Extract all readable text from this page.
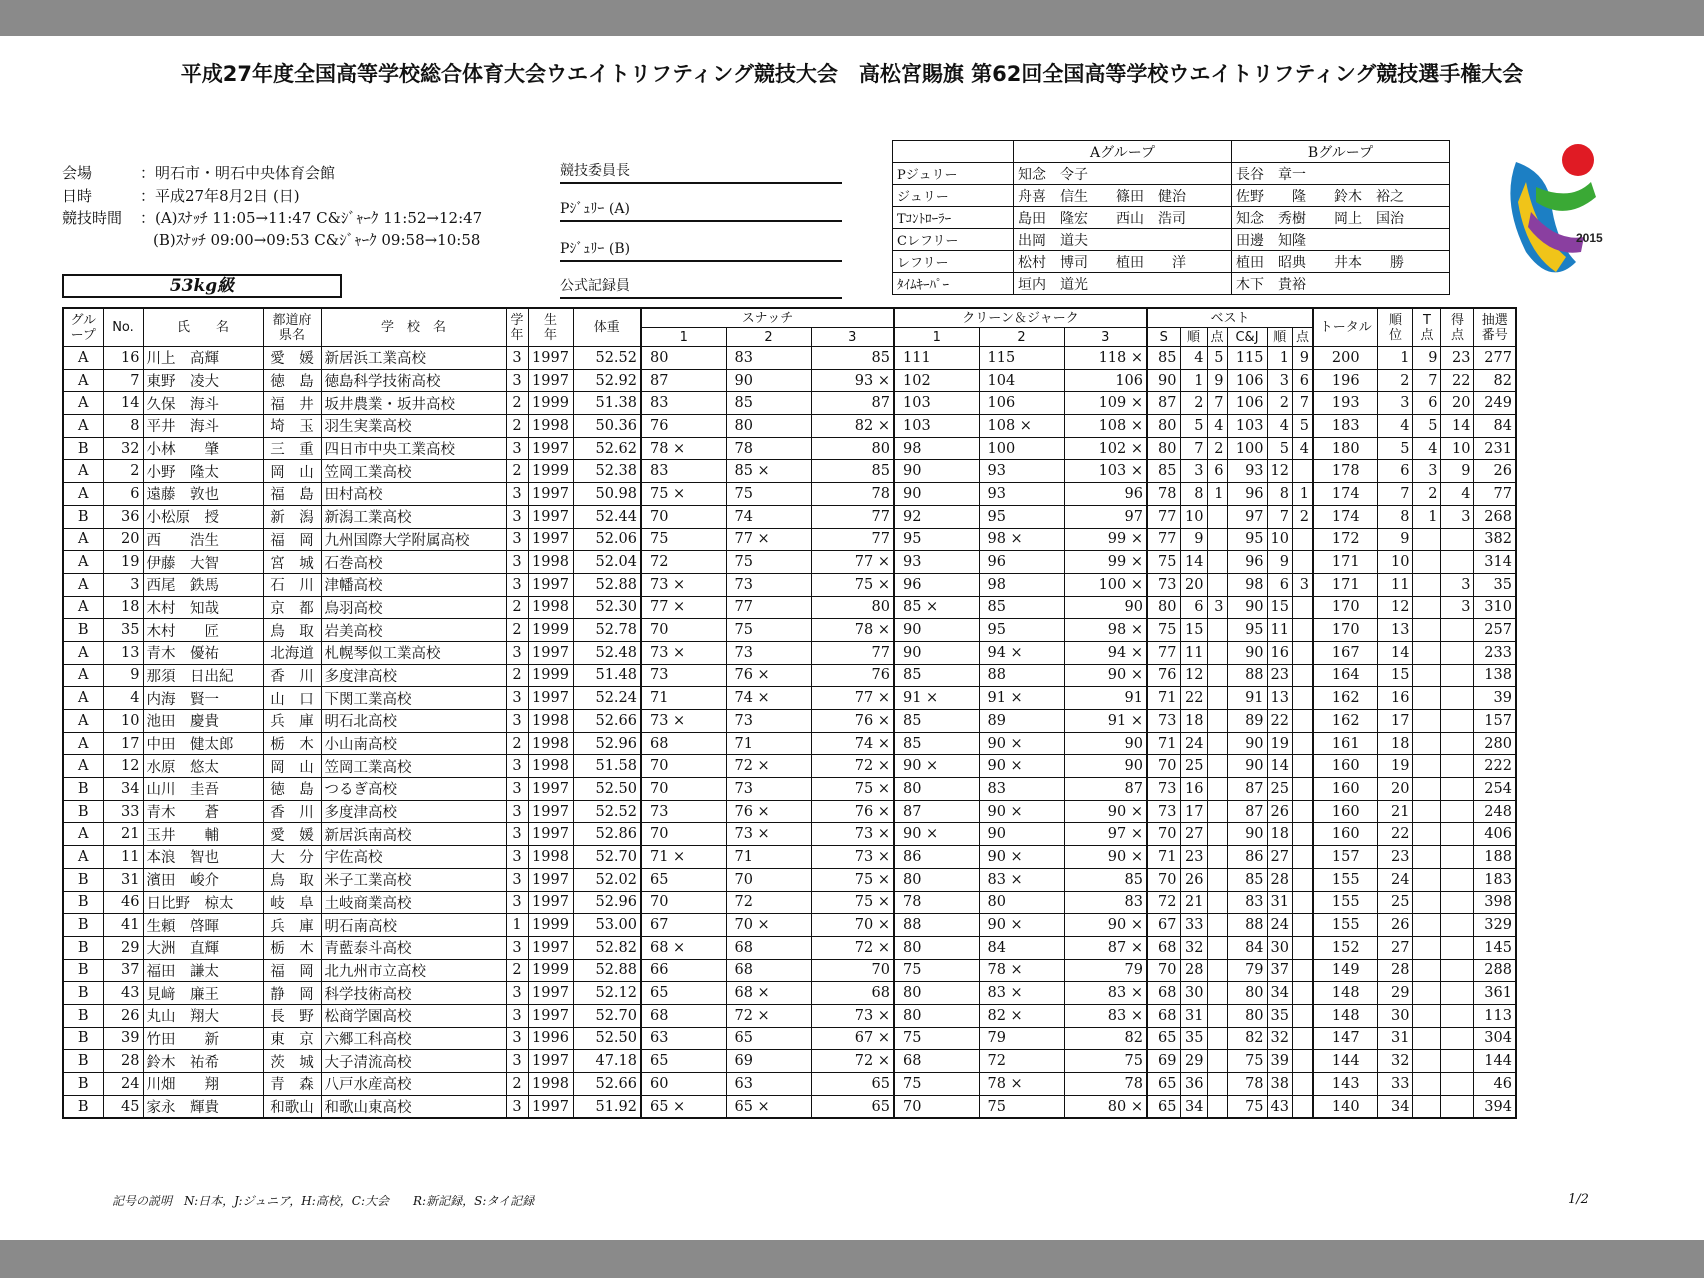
平成27年度全国高等学校総合体育大会ウエイトリフティング競技大会　高松宮賜旗 第62回全国高等学校ウエイトリフティング競技選手権大会
会場	：明石市・明石中央体育会館
日時	：平成27年8月2日 (日)
競技時間 ：(A)ｽﾅｯﾁ 11:05→11:47 C&ｼﾞｬｰｸ 11:52→12:47
(B)ｽﾅｯﾁ 09:00→09:53 C&ｼﾞｬｰｸ 09:58→10:58
競技委員長
Pｼﾞｭﾘｰ (A)
Pｼﾞｭﾘｰ (B)
公式記録員
53kg級
	Aグループ	Bグループ
Pジュリー	知念　令子	長谷　章一
ジュリー	舟喜　信生　　篠田　健治	佐野　　隆　　鈴木　裕之
Tｺﾝﾄﾛｰﾗｰ	島田　隆宏　　西山　浩司	知念　秀樹　　岡上　国治
Cレフリー	出岡　道夫	田邊　知隆
レフリー	松村　博司　　植田　　洋	植田　昭典　　井本　　勝
ﾀｲﾑｷｰﾊﾟｰ	垣内　道光	木下　貴裕
2015
グル
ープ	No.	氏　　名	都道府
県名	学　校　名	学
年	生
年	体重	スナッチ			クリーン＆ジャーク			ベスト						トータル	順
位	T
点	得
点	抽選
番号
								1	2	3	1	2	3	S	順	点	C&J	順	点					
A	16	川上　高輝	愛　媛	新居浜工業高校	3	1997	52.52	80	83	85	111	115	118 ×	85	4	5	115	1	9	200	1	9	23	277
A	7	東野　凌大	徳　島	徳島科学技術高校	3	1997	52.92	87	90	93 ×	102	104	106	90	1	9	106	3	6	196	2	7	22	82
A	14	久保　海斗	福　井	坂井農業・坂井高校	2	1999	51.38	83	85	87	103	106	109 ×	87	2	7	106	2	7	193	3	6	20	249
A	8	平井　海斗	埼　玉	羽生実業高校	2	1998	50.36	76	80	82 ×	103	108 ×	108 ×	80	5	4	103	4	5	183	4	5	14	84
B	32	小林　　肇	三　重	四日市中央工業高校	3	1997	52.62	78 ×	78	80	98	100	102 ×	80	7	2	100	5	4	180	5	4	10	231
A	2	小野　隆太	岡　山	笠岡工業高校	2	1999	52.38	83	85 ×	85	90	93	103 ×	85	3	6	93	12		178	6	3	9	26
A	6	遠藤　敦也	福　島	田村高校	3	1997	50.98	75 ×	75	78	90	93	96	78	8	1	96	8	1	174	7	2	4	77
B	36	小松原　授	新　潟	新潟工業高校	3	1997	52.44	70	74	77	92	95	97	77	10		97	7	2	174	8	1	3	268
A	20	西　　浩生	福　岡	九州国際大学附属高校	3	1997	52.06	75	77 ×	77	95	98 ×	99 ×	77	9		95	10		172	9			382
A	19	伊藤　大智	宮　城	石巻高校	3	1998	52.04	72	75	77 ×	93	96	99 ×	75	14		96	9		171	10			314
A	3	西尾　鉄馬	石　川	津幡高校	3	1997	52.88	73 ×	73	75 ×	96	98	100 ×	73	20		98	6	3	171	11		3	35
A	18	木村　知哉	京　都	鳥羽高校	2	1998	52.30	77 ×	77	80	85 ×	85	90	80	6	3	90	15		170	12		3	310
B	35	木村　　匠	鳥　取	岩美高校	2	1999	52.78	70	75	78 ×	90	95	98 ×	75	15		95	11		170	13			257
A	13	青木　優祐	北海道	札幌琴似工業高校	3	1997	52.48	73 ×	73	77	90	94 ×	94 ×	77	11		90	16		167	14			233
A	9	那須　日出紀	香　川	多度津高校	2	1999	51.48	73	76 ×	76	85	88	90 ×	76	12		88	23		164	15			138
A	4	内海　賢一	山　口	下関工業高校	3	1997	52.24	71	74 ×	77 ×	91 ×	91 ×	91	71	22		91	13		162	16			39
A	10	池田　慶貴	兵　庫	明石北高校	3	1998	52.66	73 ×	73	76 ×	85	89	91 ×	73	18		89	22		162	17			157
A	17	中田　健太郎	栃　木	小山南高校	2	1998	52.96	68	71	74 ×	85	90 ×	90	71	24		90	19		161	18			280
A	12	水原　悠太	岡　山	笠岡工業高校	3	1998	51.58	70	72 ×	72 ×	90 ×	90 ×	90	70	25		90	14		160	19			222
B	34	山川　圭吾	徳　島	つるぎ高校	3	1997	52.50	70	73	75 ×	80	83	87	73	16		87	25		160	20			254
B	33	青木　　蒼	香　川	多度津高校	3	1997	52.52	73	76 ×	76 ×	87	90 ×	90 ×	73	17		87	26		160	21			248
A	21	玉井　　輔	愛　媛	新居浜南高校	3	1997	52.86	70	73 ×	73 ×	90 ×	90	97 ×	70	27		90	18		160	22			406
A	11	本浪　智也	大　分	宇佐高校	3	1998	52.70	71 ×	71	73 ×	86	90 ×	90 ×	71	23		86	27		157	23			188
B	31	濱田　峻介	鳥　取	米子工業高校	3	1997	52.02	65	70	75 ×	80	83 ×	85	70	26		85	28		155	24			183
B	46	日比野　椋太	岐　阜	土岐商業高校	3	1997	52.96	70	72	75 ×	78	80	83	72	21		83	31		155	25			398
B	41	生頼　啓暉	兵　庫	明石南高校	1	1999	53.00	67	70 ×	70 ×	88	90 ×	90 ×	67	33		88	24		155	26			329
B	29	大洲　直輝	栃　木	青藍泰斗高校	3	1997	52.82	68 ×	68	72 ×	80	84	87 ×	68	32		84	30		152	27			145
B	37	福田　謙太	福　岡	北九州市立高校	2	1999	52.88	66	68	70	75	78 ×	79	70	28		79	37		149	28			288
B	43	見﨑　廉王	静　岡	科学技術高校	3	1997	52.12	65	68 ×	68	80	83 ×	83 ×	68	30		80	34		148	29			361
B	26	丸山　翔大	長　野	松商学園高校	3	1997	52.70	68	72 ×	73 ×	80	82 ×	83 ×	68	31		80	35		148	30			113
B	39	竹田　　新	東　京	六郷工科高校	3	1996	52.50	63	65	67 ×	75	79	82	65	35		82	32		147	31			304
B	28	鈴木　祐希	茨　城	大子清流高校	3	1997	47.18	65	69	72 ×	68	72	75	69	29		75	39		144	32			144
B	24	川畑　　翔	青　森	八戸水産高校	2	1998	52.66	60	63	65	75	78 ×	78	65	36		78	38		143	33			46
B	45	家永　輝貴	和歌山	和歌山東高校	3	1997	51.92	65 ×	65 ×	65	70	75	80 ×	65	34		75	43		140	34			394
記号の説明　N:日本，J:ジュニア，H:高校，C:大会　　R:新記録，S:タイ記録	1/2
